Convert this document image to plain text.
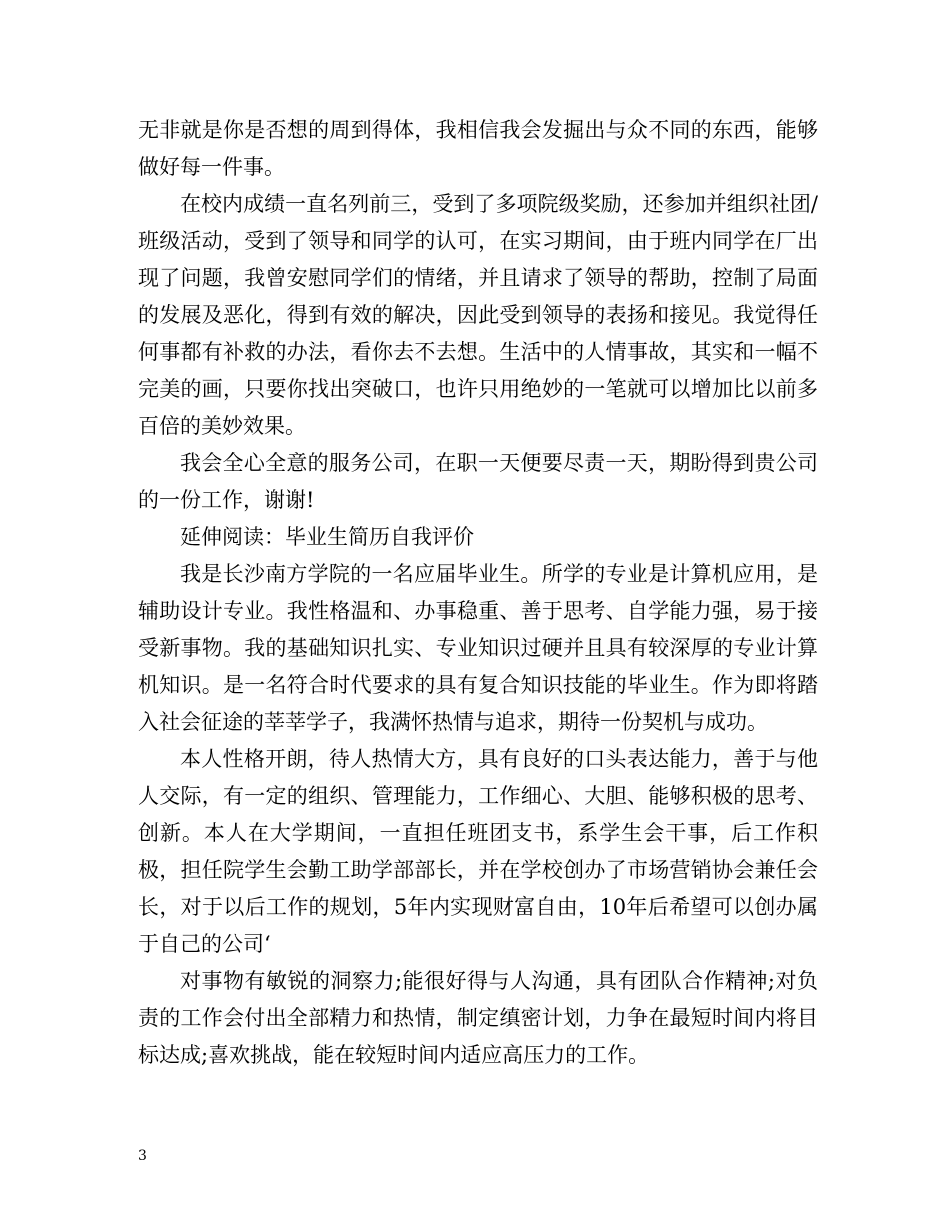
无非就是你是否想的周到得体，我相信我会发掘出与众不同的东西，能够做好每一件事。

在校内成绩一直名列前三，受到了多项院级奖励，还参加并组织社团/班级活动，受到了领导和同学的认可，在实习期间，由于班内同学在厂出现了问题，我曾安慰同学们的情绪，并且请求了领导的帮助，控制了局面的发展及恶化，得到有效的解决，因此受到领导的表扬和接见。我觉得任何事都有补救的办法，看你去不去想。生活中的人情事故，其实和一幅不完美的画，只要你找出突破口，也许只用绝妙的一笔就可以增加比以前多百倍的美妙效果。

我会全心全意的服务公司，在职一天便要尽责一天，期盼得到贵公司的一份工作，谢谢!

延伸阅读：毕业生简历自我评价

我是长沙南方学院的一名应届毕业生。所学的专业是计算机应用，是辅助设计专业。我性格温和、办事稳重、善于思考、自学能力强，易于接受新事物。我的基础知识扎实、专业知识过硬并且具有较深厚的专业计算机知识。是一名符合时代要求的具有复合知识技能的毕业生。作为即将踏入社会征途的莘莘学子，我满怀热情与追求，期待一份契机与成功。

本人性格开朗，待人热情大方，具有良好的口头表达能力，善于与他人交际，有一定的组织、管理能力，工作细心、大胆、能够积极的思考、创新。本人在大学期间，一直担任班团支书，系学生会干事，后工作积极，担任院学生会勤工助学部部长，并在学校创办了市场营销协会兼任会长，对于以后工作的规划，5年内实现财富自由，10年后希望可以创办属于自己的公司‘

对事物有敏锐的洞察力;能很好得与人沟通，具有团队合作精神;对负责的工作会付出全部精力和热情，制定缜密计划，力争在最短时间内将目标达成;喜欢挑战，能在较短时间内适应高压力的工作。

3
